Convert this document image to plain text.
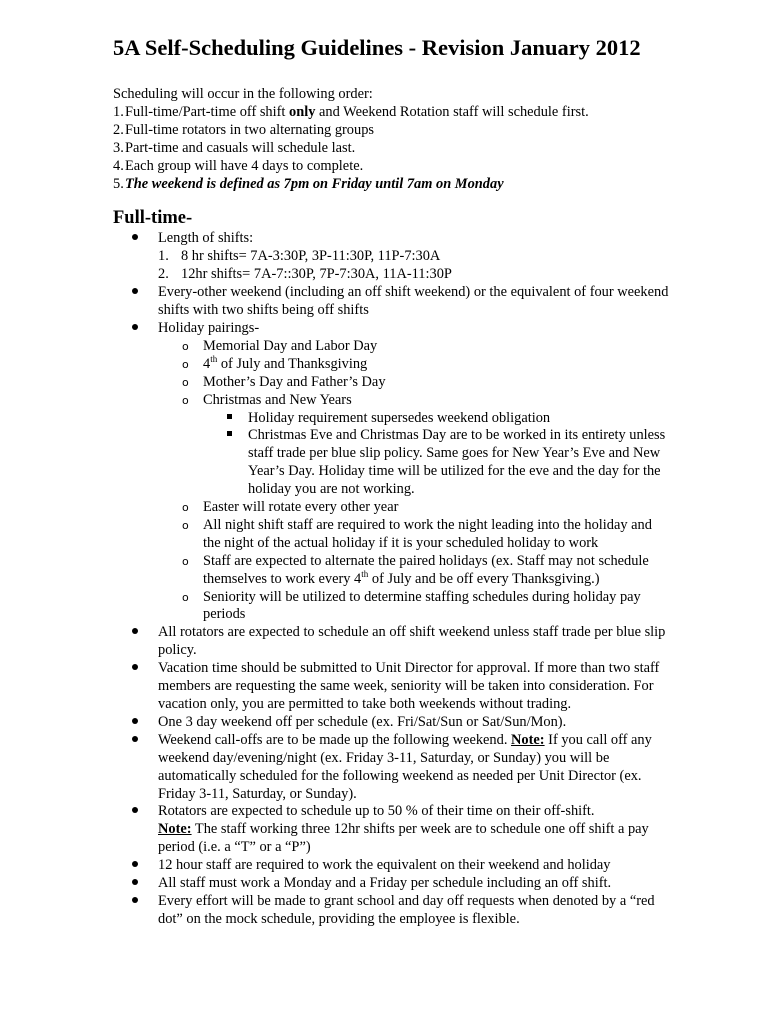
5A Self-Scheduling Guidelines - Revision January 2012

Scheduling will occur in the following order:

1. Full-time/Part-time off shift only and Weekend Rotation staff will schedule first.
2. Full-time rotators in two alternating groups
3. Part-time and casuals will schedule last.
4. Each group will have 4 days to complete.
5. The weekend is defined as 7pm on Friday until 7am on Monday
Full-time-
Length of shifts:
1. 8 hr shifts= 7A-3:30P, 3P-11:30P, 11P-7:30A
2. 12hr shifts= 7A-7::30P, 7P-7:30A, 11A-11:30P
Every-other weekend (including an off shift weekend) or the equivalent of four weekend shifts with two shifts being off shifts
Holiday pairings-
o Memorial Day and Labor Day
o 4th of July and Thanksgiving
o Mother’s Day and Father’s Day
o Christmas and New Years
Holiday requirement supersedes weekend obligation
Christmas Eve and Christmas Day are to be worked in its entirety unless staff trade per blue slip policy. Same goes for New Year’s Eve and New Year’s Day. Holiday time will be utilized for the eve and the day for the holiday you are not working.
o Easter will rotate every other year
o All night shift staff are required to work the night leading into the holiday and the night of the actual holiday if it is your scheduled holiday to work
o Staff are expected to alternate the paired holidays (ex. Staff may not schedule themselves to work every 4th of July and be off every Thanksgiving.)
o Seniority will be utilized to determine staffing schedules during holiday pay periods
All rotators are expected to schedule an off shift weekend unless staff trade per blue slip policy.
Vacation time should be submitted to Unit Director for approval. If more than two staff members are requesting the same week, seniority will be taken into consideration. For vacation only, you are permitted to take both weekends without trading.
One 3 day weekend off per schedule (ex. Fri/Sat/Sun or Sat/Sun/Mon).
Weekend call-offs are to be made up the following weekend. Note: If you call off any weekend day/evening/night (ex. Friday 3-11, Saturday, or Sunday) you will be automatically scheduled for the following weekend as needed per Unit Director (ex. Friday 3-11, Saturday, or Sunday).
Rotators are expected to schedule up to 50 % of their time on their off-shift.
Note: The staff working three 12hr shifts per week are to schedule one off shift a pay period (i.e. a “T” or a “P”)
12 hour staff are required to work the equivalent on their weekend and holiday
All staff must work a Monday and a Friday per schedule including an off shift.
Every effort will be made to grant school and day off requests when denoted by a “red dot” on the mock schedule, providing the employee is flexible.
